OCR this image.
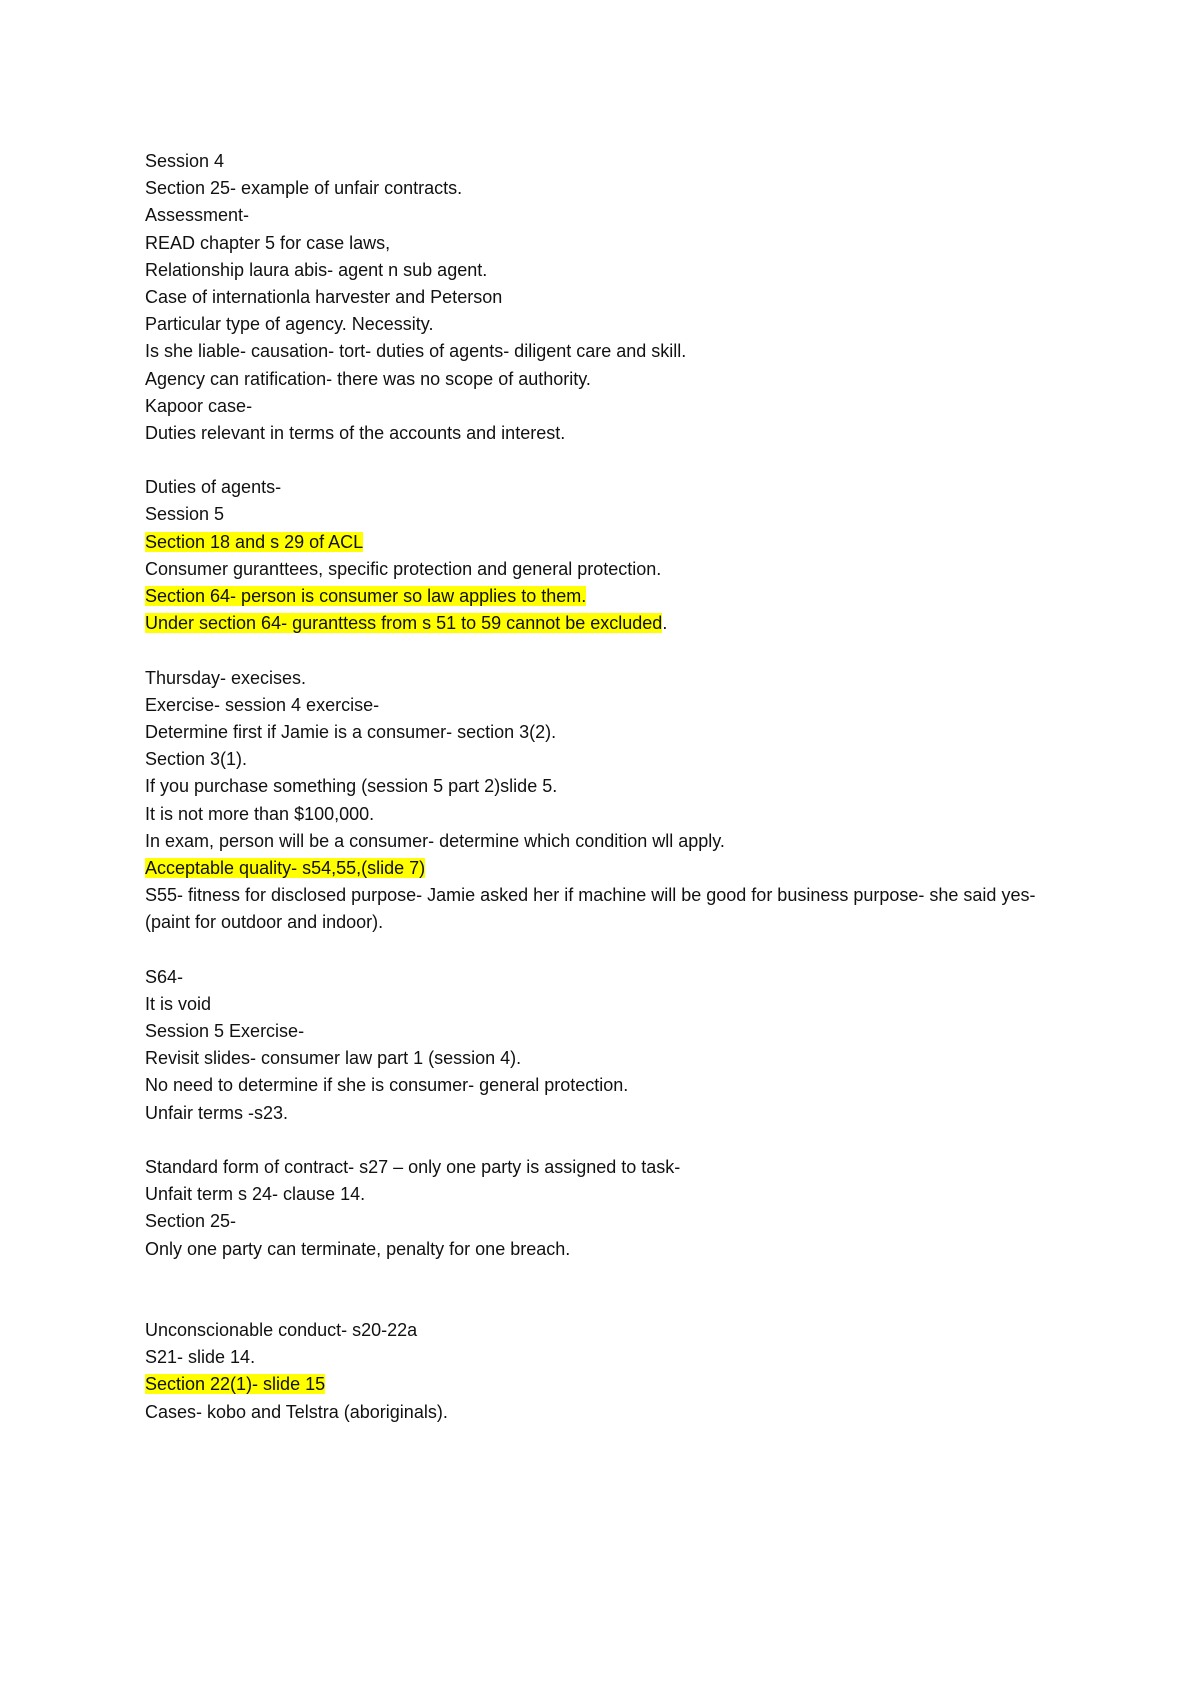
Session 4
Section 25- example of unfair contracts.
Assessment-
READ chapter 5 for case laws,
Relationship laura abis- agent n sub agent.
Case of internationla harvester and Peterson
Particular type of agency. Necessity.
Is she liable- causation- tort- duties of agents- diligent care and skill.
Agency can ratification- there was no scope of authority.
Kapoor case-
Duties relevant in terms of the accounts and interest.
Duties of agents-
Session 5
Section 18 and s 29 of ACL
Consumer guranttees, specific protection and general protection.
Section 64- person is consumer so law applies to them.
Under section 64- guranttess from s 51 to 59 cannot be excluded.
Thursday- execises.
Exercise- session 4 exercise-
Determine first if Jamie is a consumer- section 3(2).
Section 3(1).
If you purchase something (session 5 part 2)slide 5.
It is not more than $100,000.
In exam, person will be a consumer- determine which condition wll apply.
Acceptable quality- s54,55,(slide 7)
S55- fitness for disclosed purpose- Jamie asked her if machine will be good for business purpose- she said yes- (paint for outdoor and indoor).
S64-
It is void
Session 5 Exercise-
Revisit slides- consumer law part 1 (session 4).
No need to determine if she is consumer- general protection.
Unfair terms -s23.
Standard form of contract- s27 – only one party is assigned to task-
Unfait term s 24- clause 14.
Section 25-
Only one party can terminate, penalty for one breach.
Unconscionable conduct- s20-22a
S21- slide 14.
Section 22(1)- slide 15
Cases- kobo and Telstra (aboriginals).
